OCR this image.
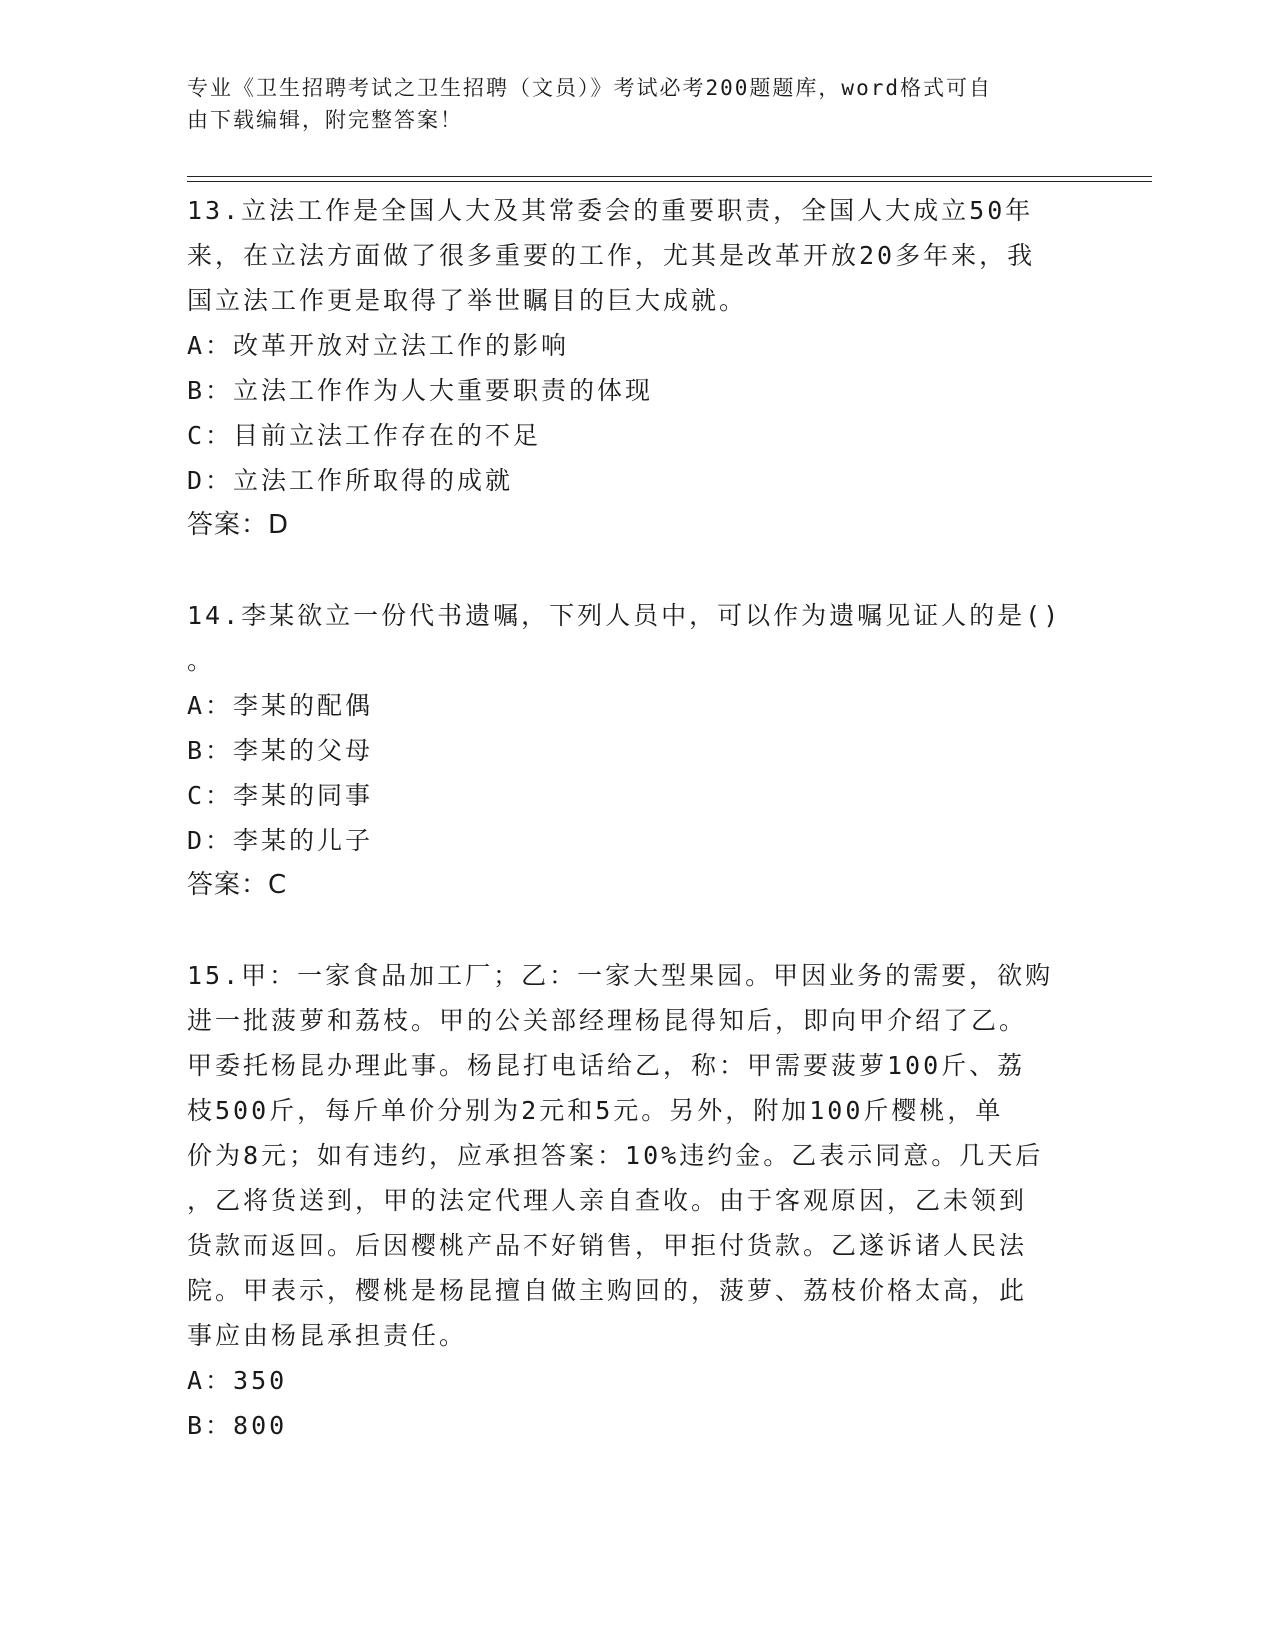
专业《卫生招聘考试之卫生招聘（文员）》考试必考200题题库，word格式可自
由下载编辑，附完整答案！

13.立法工作是全国人大及其常委会的重要职责，全国人大成立50年

来，在立法方面做了很多重要的工作，尤其是改革开放20多年来，我

国立法工作更是取得了举世瞩目的巨大成就。

A：改革开放对立法工作的影响

B：立法工作作为人大重要职责的体现

C：目前立法工作存在的不足

D：立法工作所取得的成就

答案：D

14.李某欲立一份代书遗嘱，下列人员中，可以作为遗嘱见证人的是()

。

A：李某的配偶

B：李某的父母

C：李某的同事

D：李某的儿子

答案：C

15.甲：一家食品加工厂；乙：一家大型果园。甲因业务的需要，欲购

进一批菠萝和荔枝。甲的公关部经理杨昆得知后，即向甲介绍了乙。

甲委托杨昆办理此事。杨昆打电话给乙，称：甲需要菠萝100斤、荔

枝500斤，每斤单价分别为2元和5元。另外，附加100斤樱桃，单

价为8元；如有违约，应承担答案：10%违约金。乙表示同意。几天后

，乙将货送到，甲的法定代理人亲自查收。由于客观原因，乙未领到

货款而返回。后因樱桃产品不好销售，甲拒付货款。乙遂诉诸人民法

院。甲表示，樱桃是杨昆擅自做主购回的，菠萝、荔枝价格太高，此

事应由杨昆承担责任。

A：350

B：800
